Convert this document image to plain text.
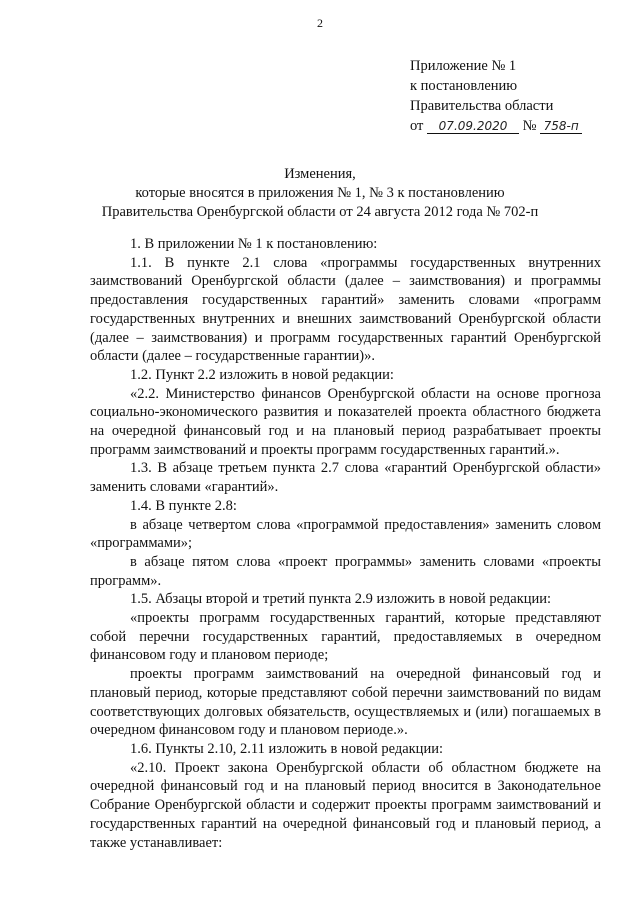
2
Приложение № 1
к постановлению
Правительства области
от 07.09.2020 № 758-п
Изменения,
которые вносятся в приложения № 1, № 3 к постановлению
Правительства Оренбургской области от 24 августа 2012 года № 702-п

1. В приложении № 1 к постановлению:

1.1. В пункте 2.1 слова «программы государственных внутренних заимствований Оренбургской области (далее – заимствования) и программы предоставления государственных гарантий» заменить словами «программ государственных внутренних и внешних заимствований Оренбургской области (далее – заимствования) и программ государственных гарантий Оренбургской области (далее – государственные гарантии)».

1.2. Пункт 2.2 изложить в новой редакции:

«2.2. Министерство финансов Оренбургской области на основе прогноза социально-экономического развития и показателей проекта областного бюджета на очередной финансовый год и на плановый период разрабатывает проекты программ заимствований и проекты программ государственных гарантий.».

1.3. В абзаце третьем пункта 2.7 слова «гарантий Оренбургской области» заменить словами «гарантий».

1.4. В пункте 2.8:

в абзаце четвертом слова «программой предоставления» заменить словом «программами»;

в абзаце пятом слова «проект программы» заменить словами «проекты программ».

1.5. Абзацы второй и третий пункта 2.9 изложить в новой редакции:

«проекты программ государственных гарантий, которые представляют собой перечни государственных гарантий, предоставляемых в очередном финансовом году и плановом периоде;

проекты программ заимствований на очередной финансовый год и плановый период, которые представляют собой перечни заимствований по видам соответствующих долговых обязательств, осуществляемых и (или) погашаемых в очередном финансовом году и плановом периоде.».

1.6. Пункты 2.10, 2.11 изложить в новой редакции:

«2.10. Проект закона Оренбургской области об областном бюджете на очередной финансовый год и на плановый период вносится в Законодательное Собрание Оренбургской области и содержит проекты программ заимствований и государственных гарантий на очередной финансовый год и плановый период, а также устанавливает:
